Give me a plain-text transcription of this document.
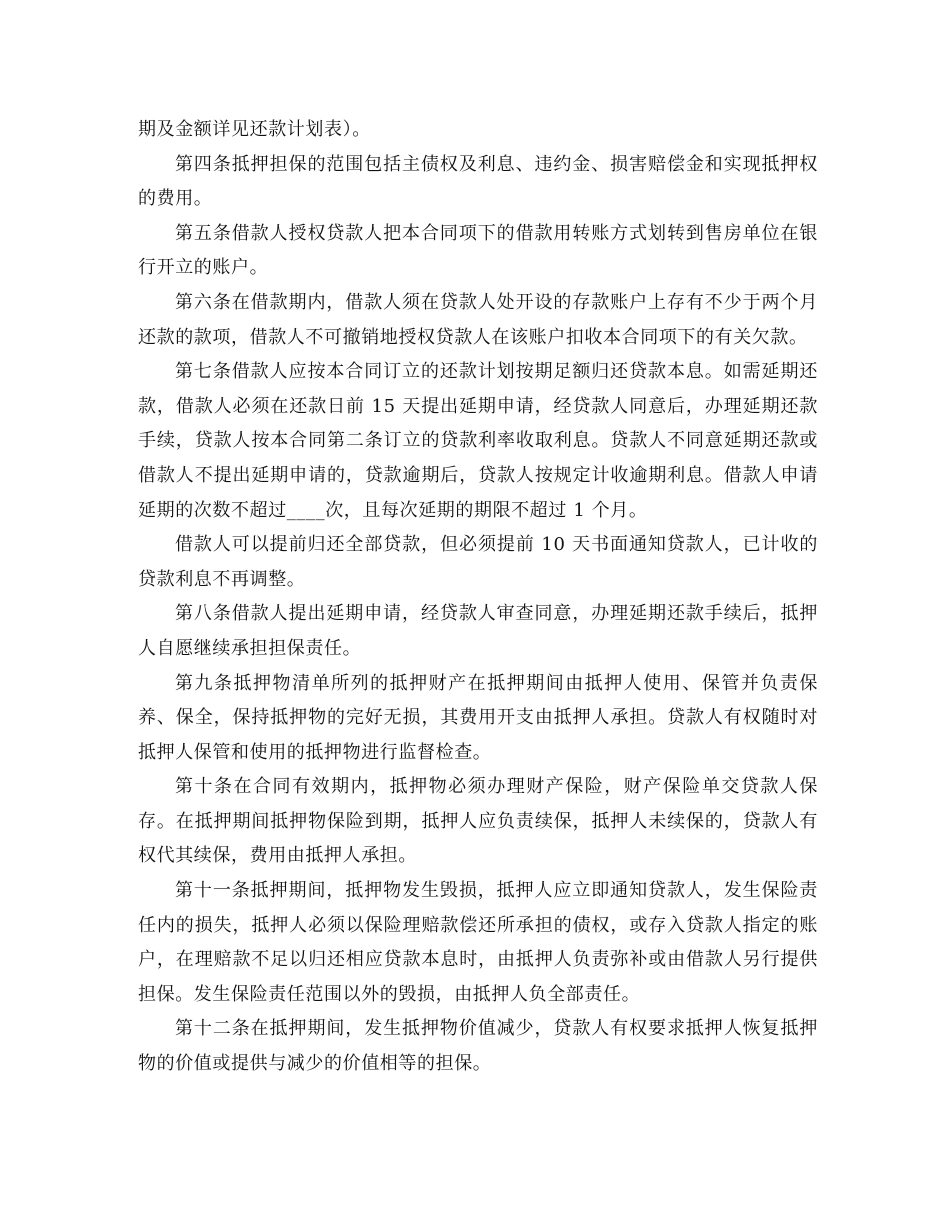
期及金额详见还款计划表）。

第四条抵押担保的范围包括主债权及利息、违约金、损害赔偿金和实现抵押权的费用。

第五条借款人授权贷款人把本合同项下的借款用转账方式划转到售房单位在银行开立的账户。

第六条在借款期内，借款人须在贷款人处开设的存款账户上存有不少于两个月还款的款项，借款人不可撤销地授权贷款人在该账户扣收本合同项下的有关欠款。

第七条借款人应按本合同订立的还款计划按期足额归还贷款本息。如需延期还款，借款人必须在还款日前 15 天提出延期申请，经贷款人同意后，办理延期还款手续，贷款人按本合同第二条订立的贷款利率收取利息。贷款人不同意延期还款或借款人不提出延期申请的，贷款逾期后，贷款人按规定计收逾期利息。借款人申请延期的次数不超过____次，且每次延期的期限不超过 1 个月。

借款人可以提前归还全部贷款，但必须提前 10 天书面通知贷款人，已计收的贷款利息不再调整。

第八条借款人提出延期申请，经贷款人审查同意，办理延期还款手续后，抵押人自愿继续承担担保责任。

第九条抵押物清单所列的抵押财产在抵押期间由抵押人使用、保管并负责保养、保全，保持抵押物的完好无损，其费用开支由抵押人承担。贷款人有权随时对抵押人保管和使用的抵押物进行监督检查。

第十条在合同有效期内，抵押物必须办理财产保险，财产保险单交贷款人保存。在抵押期间抵押物保险到期，抵押人应负责续保，抵押人未续保的，贷款人有权代其续保，费用由抵押人承担。

第十一条抵押期间，抵押物发生毁损，抵押人应立即通知贷款人，发生保险责任内的损失，抵押人必须以保险理赔款偿还所承担的债权，或存入贷款人指定的账户，在理赔款不足以归还相应贷款本息时，由抵押人负责弥补或由借款人另行提供担保。发生保险责任范围以外的毁损，由抵押人负全部责任。

第十二条在抵押期间，发生抵押物价值减少，贷款人有权要求抵押人恢复抵押物的价值或提供与减少的价值相等的担保。
